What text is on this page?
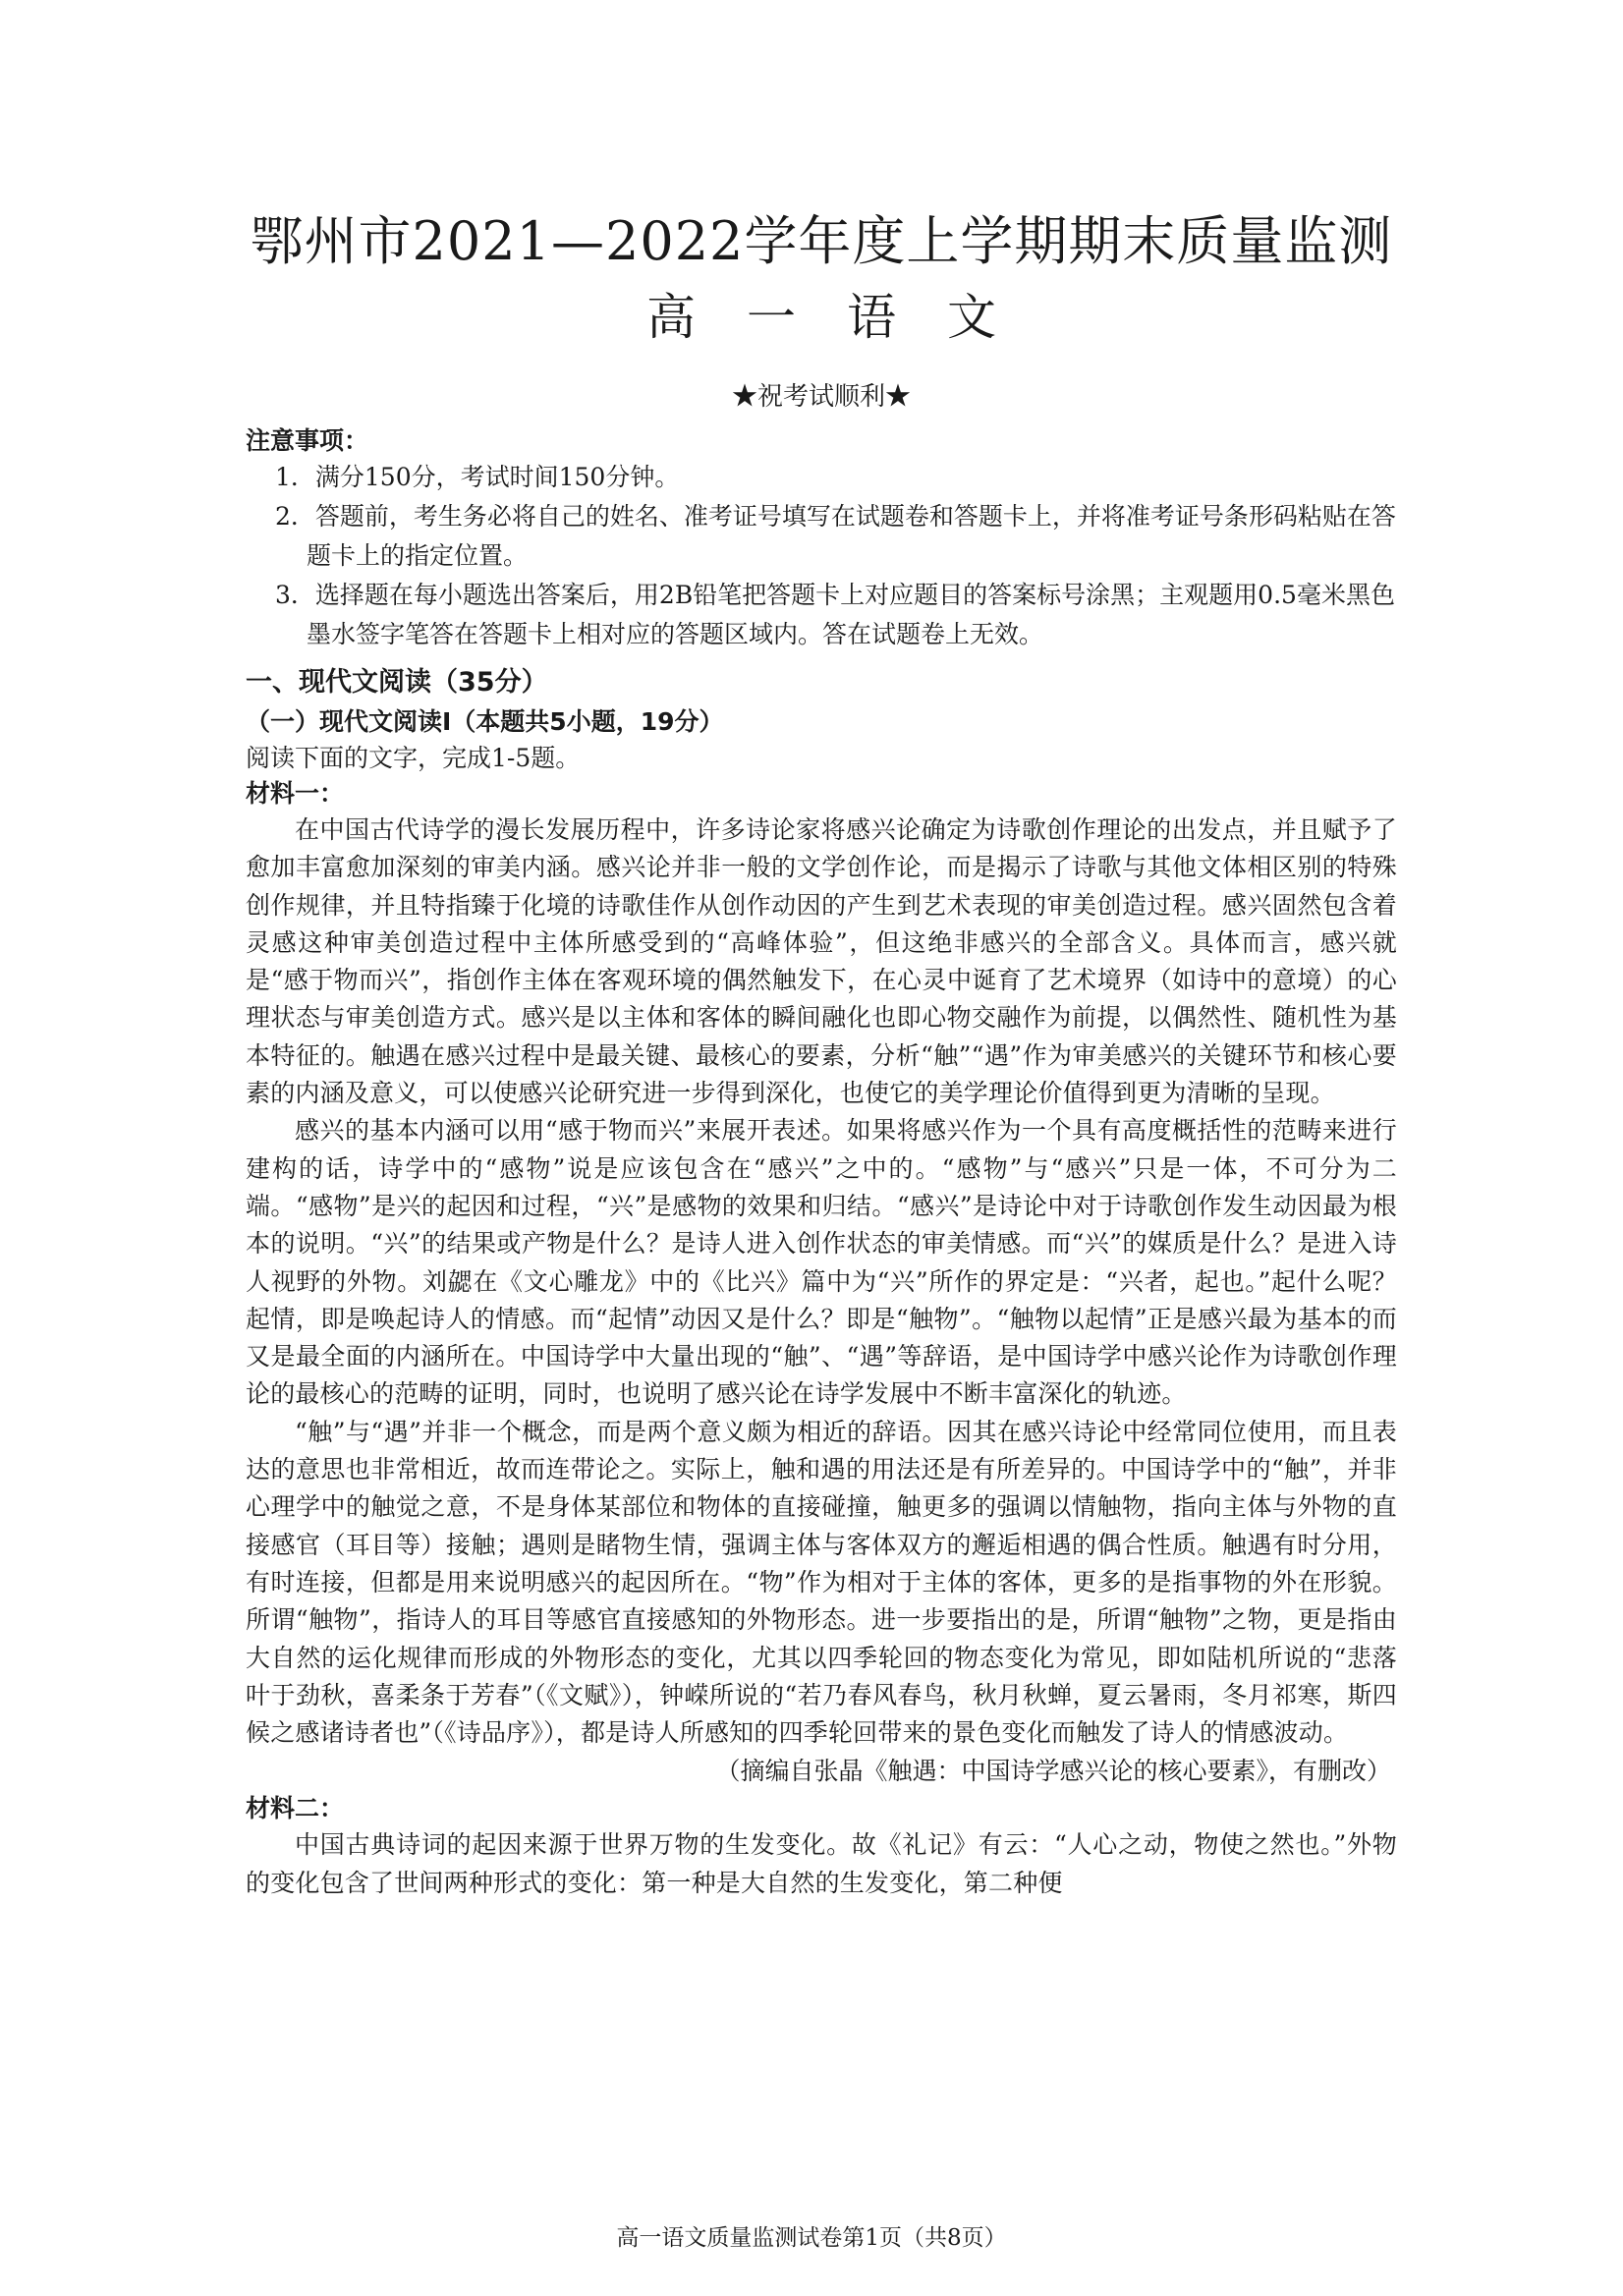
鄂州市2021—2022学年度上学期期末质量监测
高一语文
★祝考试顺利★
注意事项：
1．满分150分，考试时间150分钟。
2．答题前，考生务必将自己的姓名、准考证号填写在试题卷和答题卡上，并将准考证号条形码粘贴在答题卡上的指定位置。
3．选择题在每小题选出答案后，用2B铅笔把答题卡上对应题目的答案标号涂黑；主观题用0.5毫米黑色墨水签字笔答在答题卡上相对应的答题区域内。答在试题卷上无效。
一、现代文阅读（35分）
（一）现代文阅读Ⅰ（本题共5小题，19分）
阅读下面的文字，完成1-5题。
材料一：

在中国古代诗学的漫长发展历程中，许多诗论家将感兴论确定为诗歌创作理论的出发点，并且赋予了愈加丰富愈加深刻的审美内涵。感兴论并非一般的文学创作论，而是揭示了诗歌与其他文体相区别的特殊创作规律，并且特指臻于化境的诗歌佳作从创作动因的产生到艺术表现的审美创造过程。感兴固然包含着灵感这种审美创造过程中主体所感受到的“高峰体验”，但这绝非感兴的全部含义。具体而言，感兴就是“感于物而兴”，指创作主体在客观环境的偶然触发下，在心灵中诞育了艺术境界（如诗中的意境）的心理状态与审美创造方式。感兴是以主体和客体的瞬间融化也即心物交融作为前提，以偶然性、随机性为基本特征的。触遇在感兴过程中是最关键、最核心的要素，分析“触”“遇”作为审美感兴的关键环节和核心要素的内涵及意义，可以使感兴论研究进一步得到深化，也使它的美学理论价值得到更为清晰的呈现。

感兴的基本内涵可以用“感于物而兴”来展开表述。如果将感兴作为一个具有高度概括性的范畴来进行建构的话，诗学中的“感物”说是应该包含在“感兴”之中的。“感物”与“感兴”只是一体，不可分为二端。“感物”是兴的起因和过程，“兴”是感物的效果和归结。“感兴”是诗论中对于诗歌创作发生动因最为根本的说明。“兴”的结果或产物是什么？是诗人进入创作状态的审美情感。而“兴”的媒质是什么？是进入诗人视野的外物。刘勰在《文心雕龙》中的《比兴》篇中为“兴”所作的界定是：“兴者，起也。”起什么呢？起情，即是唤起诗人的情感。而“起情”动因又是什么？即是“触物”。“触物以起情”正是感兴最为基本的而又是最全面的内涵所在。中国诗学中大量出现的“触”、“遇”等辞语，是中国诗学中感兴论作为诗歌创作理论的最核心的范畴的证明，同时，也说明了感兴论在诗学发展中不断丰富深化的轨迹。

“触”与“遇”并非一个概念，而是两个意义颇为相近的辞语。因其在感兴诗论中经常同位使用，而且表达的意思也非常相近，故而连带论之。实际上，触和遇的用法还是有所差异的。中国诗学中的“触”，并非心理学中的触觉之意，不是身体某部位和物体的直接碰撞，触更多的强调以情触物，指向主体与外物的直接感官（耳目等）接触；遇则是睹物生情，强调主体与客体双方的邂逅相遇的偶合性质。触遇有时分用，有时连接，但都是用来说明感兴的起因所在。“物”作为相对于主体的客体，更多的是指事物的外在形貌。所谓“触物”，指诗人的耳目等感官直接感知的外物形态。进一步要指出的是，所谓“触物”之物，更是指由大自然的运化规律而形成的外物形态的变化，尤其以四季轮回的物态变化为常见，即如陆机所说的“悲落叶于劲秋，喜柔条于芳春”（《文赋》），钟嵘所说的“若乃春风春鸟，秋月秋蝉，夏云暑雨，冬月祁寒，斯四候之感诸诗者也”（《诗品序》），都是诗人所感知的四季轮回带来的景色变化而触发了诗人的情感波动。

（摘编自张晶《触遇：中国诗学感兴论的核心要素》，有删改）
材料二：

中国古典诗词的起因来源于世界万物的生发变化。故《礼记》有云：“人心之动，物使之然也。”外物的变化包含了世间两种形式的变化：第一种是大自然的生发变化，第二种便

高一语文质量监测试卷第1页（共8页）
